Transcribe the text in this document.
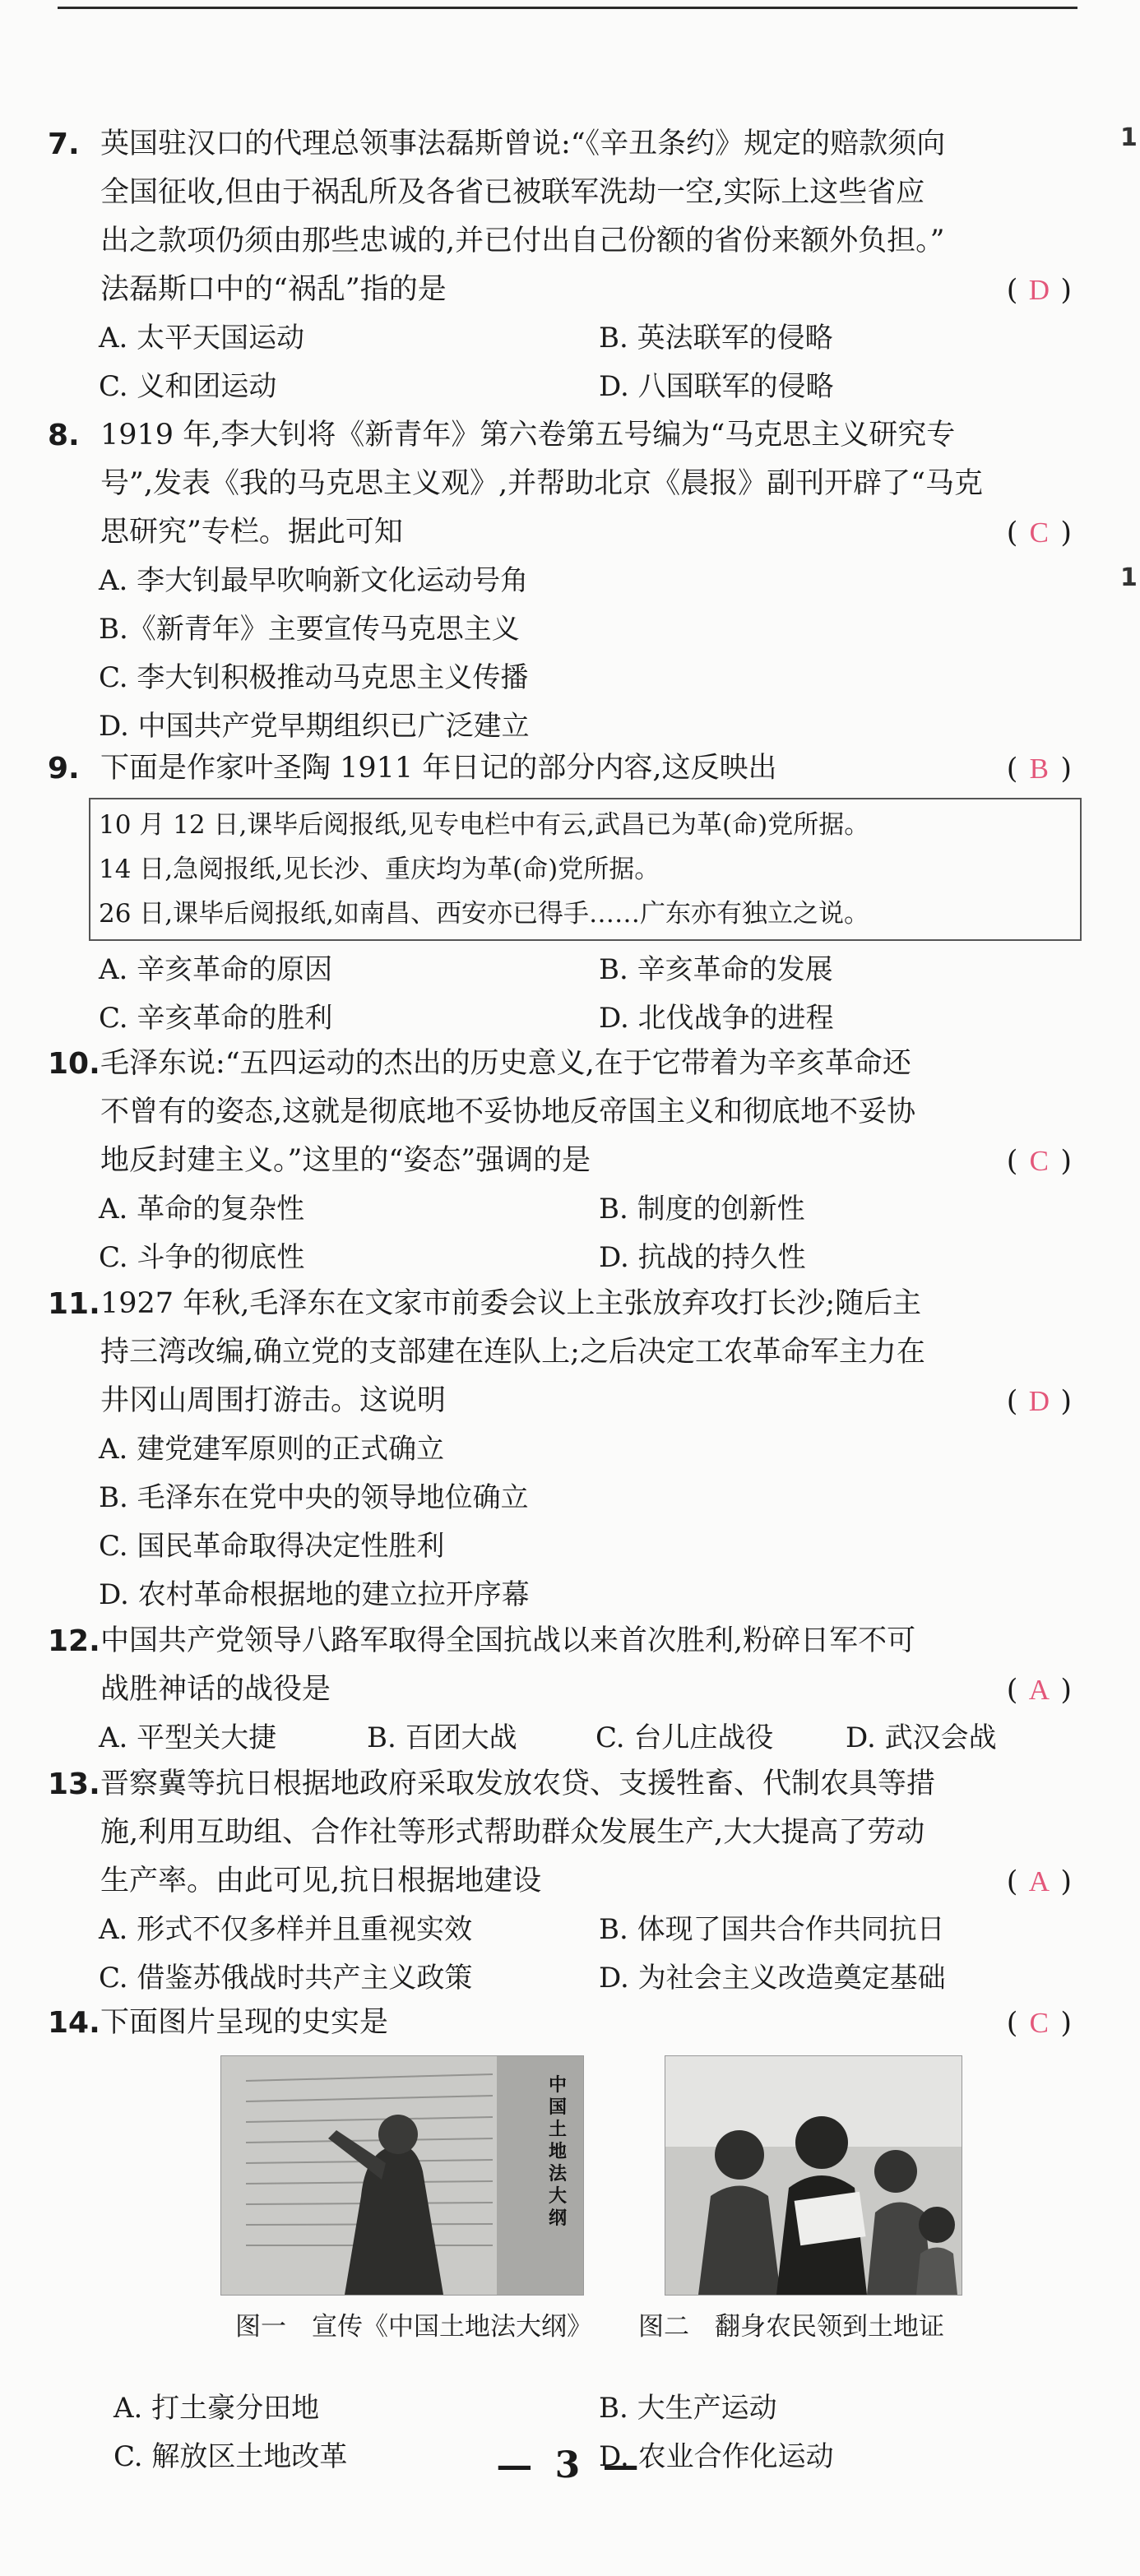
1
1
7. 英国驻汉口的代理总领事法磊斯曾说:“《辛丑条约》规定的赔款须向
全国征收,但由于祸乱所及各省已被联军洗劫一空,实际上这些省应
出之款项仍须由那些忠诚的,并已付出自己份额的省份来额外负担。”
法磊斯口中的“祸乱”指的是	( D )
A. 太平天国运动	B. 英法联军的侵略
C. 义和团运动	D. 八国联军的侵略
8. 1919 年,李大钊将《新青年》第六卷第五号编为“马克思主义研究专
号”,发表《我的马克思主义观》,并帮助北京《晨报》副刊开辟了“马克
思研究”专栏。据此可知	( C )
A. 李大钊最早吹响新文化运动号角
B.《新青年》主要宣传马克思主义
C. 李大钊积极推动马克思主义传播
D. 中国共产党早期组织已广泛建立
9. 下面是作家叶圣陶 1911 年日记的部分内容,这反映出	( B )
10 月 12 日,课毕后阅报纸,见专电栏中有云,武昌已为革(命)党所据。
14 日,急阅报纸,见长沙、重庆均为革(命)党所据。
26 日,课毕后阅报纸,如南昌、西安亦已得手……广东亦有独立之说。
A. 辛亥革命的原因	B. 辛亥革命的发展
C. 辛亥革命的胜利	D. 北伐战争的进程
10. 毛泽东说:“五四运动的杰出的历史意义,在于它带着为辛亥革命还
不曾有的姿态,这就是彻底地不妥协地反帝国主义和彻底地不妥协
地反封建主义。”这里的“姿态”强调的是	( C )
A. 革命的复杂性	B. 制度的创新性
C. 斗争的彻底性	D. 抗战的持久性
11. 1927 年秋,毛泽东在文家市前委会议上主张放弃攻打长沙;随后主
持三湾改编,确立党的支部建在连队上;之后决定工农革命军主力在
井冈山周围打游击。这说明	( D )
A. 建党建军原则的正式确立
B. 毛泽东在党中央的领导地位确立
C. 国民革命取得决定性胜利
D. 农村革命根据地的建立拉开序幕
12. 中国共产党领导八路军取得全国抗战以来首次胜利,粉碎日军不可
战胜神话的战役是	( A )
A. 平型关大捷	B. 百团大战	C. 台儿庄战役	D. 武汉会战
13. 晋察冀等抗日根据地政府采取发放农贷、支援牲畜、代制农具等措
施,利用互助组、合作社等形式帮助群众发展生产,大大提高了劳动
生产率。由此可见,抗日根据地建设	( A )
A. 形式不仅多样并且重视实效	B. 体现了国共合作共同抗日
C. 借鉴苏俄战时共产主义政策	D. 为社会主义改造奠定基础
14. 下面图片呈现的史实是	( C )
中国土地法大纲
图一　宣传《中国土地法大纲》 图二　翻身农民领到土地证
A. 打土豪分田地	B. 大生产运动
C. 解放区土地改革	D. 农业合作化运动
— 3 —
